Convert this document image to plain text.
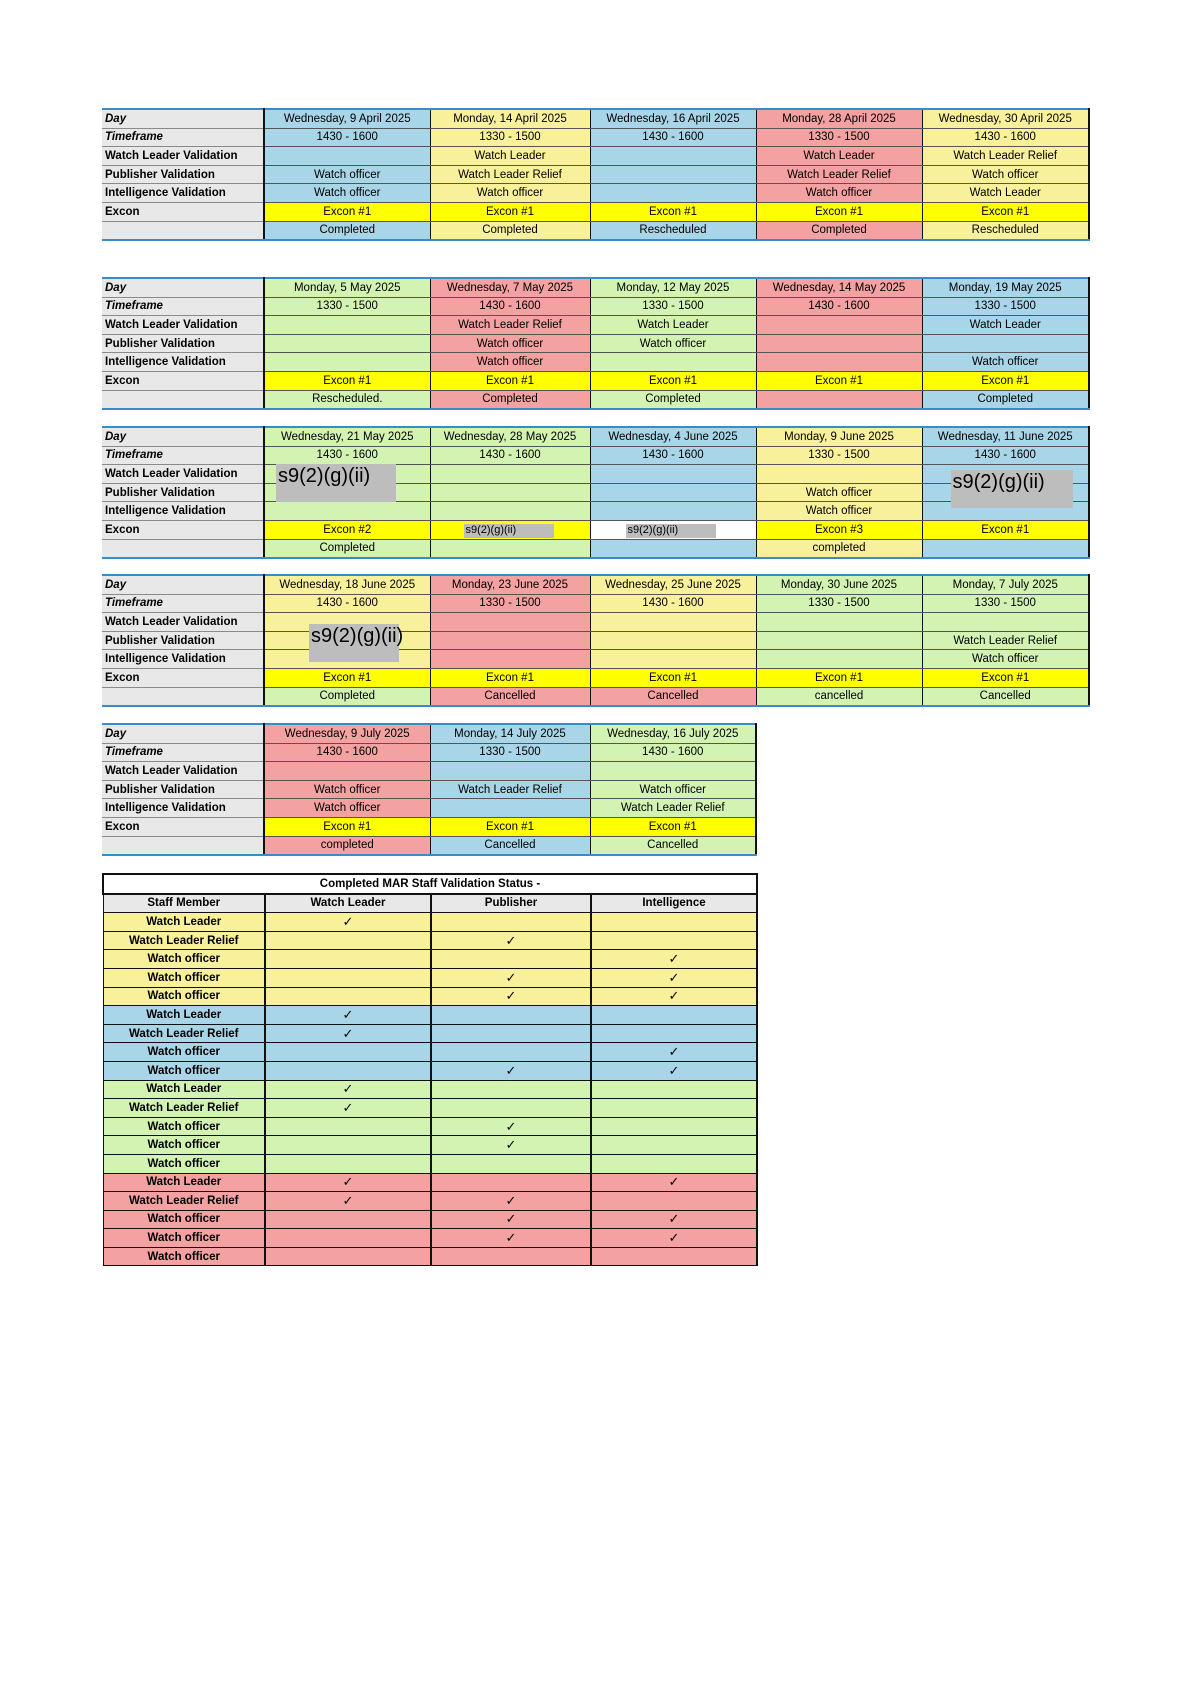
Day	Wednesday, 9 April 2025	Monday, 14 April 2025	Wednesday, 16 April 2025	Monday, 28 April 2025	Wednesday, 30 April 2025
Timeframe	1430 - 1600	1330 - 1500	1430 - 1600	1330 - 1500	1430 - 1600
Watch Leader Validation		Watch Leader		Watch Leader	Watch Leader Relief
Publisher Validation	Watch officer	Watch Leader Relief		Watch Leader Relief	Watch officer
Intelligence Validation	Watch officer	Watch officer		Watch officer	Watch Leader
Excon	Excon #1	Excon #1	Excon #1	Excon #1	Excon #1
	Completed	Completed	Rescheduled	Completed	Rescheduled
Day	Monday, 5 May 2025	Wednesday, 7 May 2025	Monday, 12 May 2025	Wednesday, 14 May 2025	Monday, 19 May 2025
Timeframe	1330 - 1500	1430 - 1600	1330 - 1500	1430 - 1600	1330 - 1500
Watch Leader Validation		Watch Leader Relief	Watch Leader		Watch Leader
Publisher Validation		Watch officer	Watch officer		
Intelligence Validation		Watch officer			Watch officer
Excon	Excon #1	Excon #1	Excon #1	Excon #1	Excon #1
	Rescheduled.	Completed	Completed		Completed
Day	Wednesday, 21 May 2025	Wednesday, 28 May 2025	Wednesday, 4 June 2025	Monday, 9 June 2025	Wednesday, 11 June 2025
Timeframe	1430 - 1600	1430 - 1600	1430 - 1600	1330 - 1500	1430 - 1600
Watch Leader Validation	s9(2)(g)(ii)				

Publisher Validation				Watch officer	s9(2)(g)(ii)

Intelligence Validation				Watch officer	
Excon	Excon #2	s9(2)(g)(ii)	s9(2)(g)(ii)	Excon #3	Excon #1
	Completed			completed	
Day	Wednesday, 18 June 2025	Monday, 23 June 2025	Wednesday, 25 June 2025	Monday, 30 June 2025	Monday, 7 July 2025
Timeframe	1430 - 1600	1330 - 1500	1430 - 1600	1330 - 1500	1330 - 1500
Watch Leader Validation					
Publisher Validation	s9(2)(g)(ii)				Watch Leader Relief
Intelligence Validation					Watch officer
Excon	Excon #1	Excon #1	Excon #1	Excon #1	Excon #1
	Completed	Cancelled	Cancelled	cancelled	Cancelled
Day	Wednesday, 9 July 2025	Monday, 14 July 2025	Wednesday, 16 July 2025
Timeframe	1430 - 1600	1330 - 1500	1430 - 1600
Watch Leader Validation			
Publisher Validation	Watch officer	Watch Leader Relief	Watch officer
Intelligence Validation	Watch officer		Watch Leader Relief
Excon	Excon #1	Excon #1	Excon #1
	completed	Cancelled	Cancelled
Completed MAR Staff Validation Status -			
Staff Member	Watch Leader	Publisher	Intelligence
Watch Leader	✓		
Watch Leader Relief		✓	
Watch officer			✓
Watch officer		✓	✓
Watch officer		✓	✓
Watch Leader	✓		
Watch Leader Relief	✓		
Watch officer			✓
Watch officer		✓	✓
Watch Leader	✓		
Watch Leader Relief	✓		
Watch officer		✓	
Watch officer		✓	
Watch officer			
Watch Leader	✓		✓
Watch Leader Relief	✓	✓	
Watch officer		✓	✓
Watch officer		✓	✓
Watch officer			
